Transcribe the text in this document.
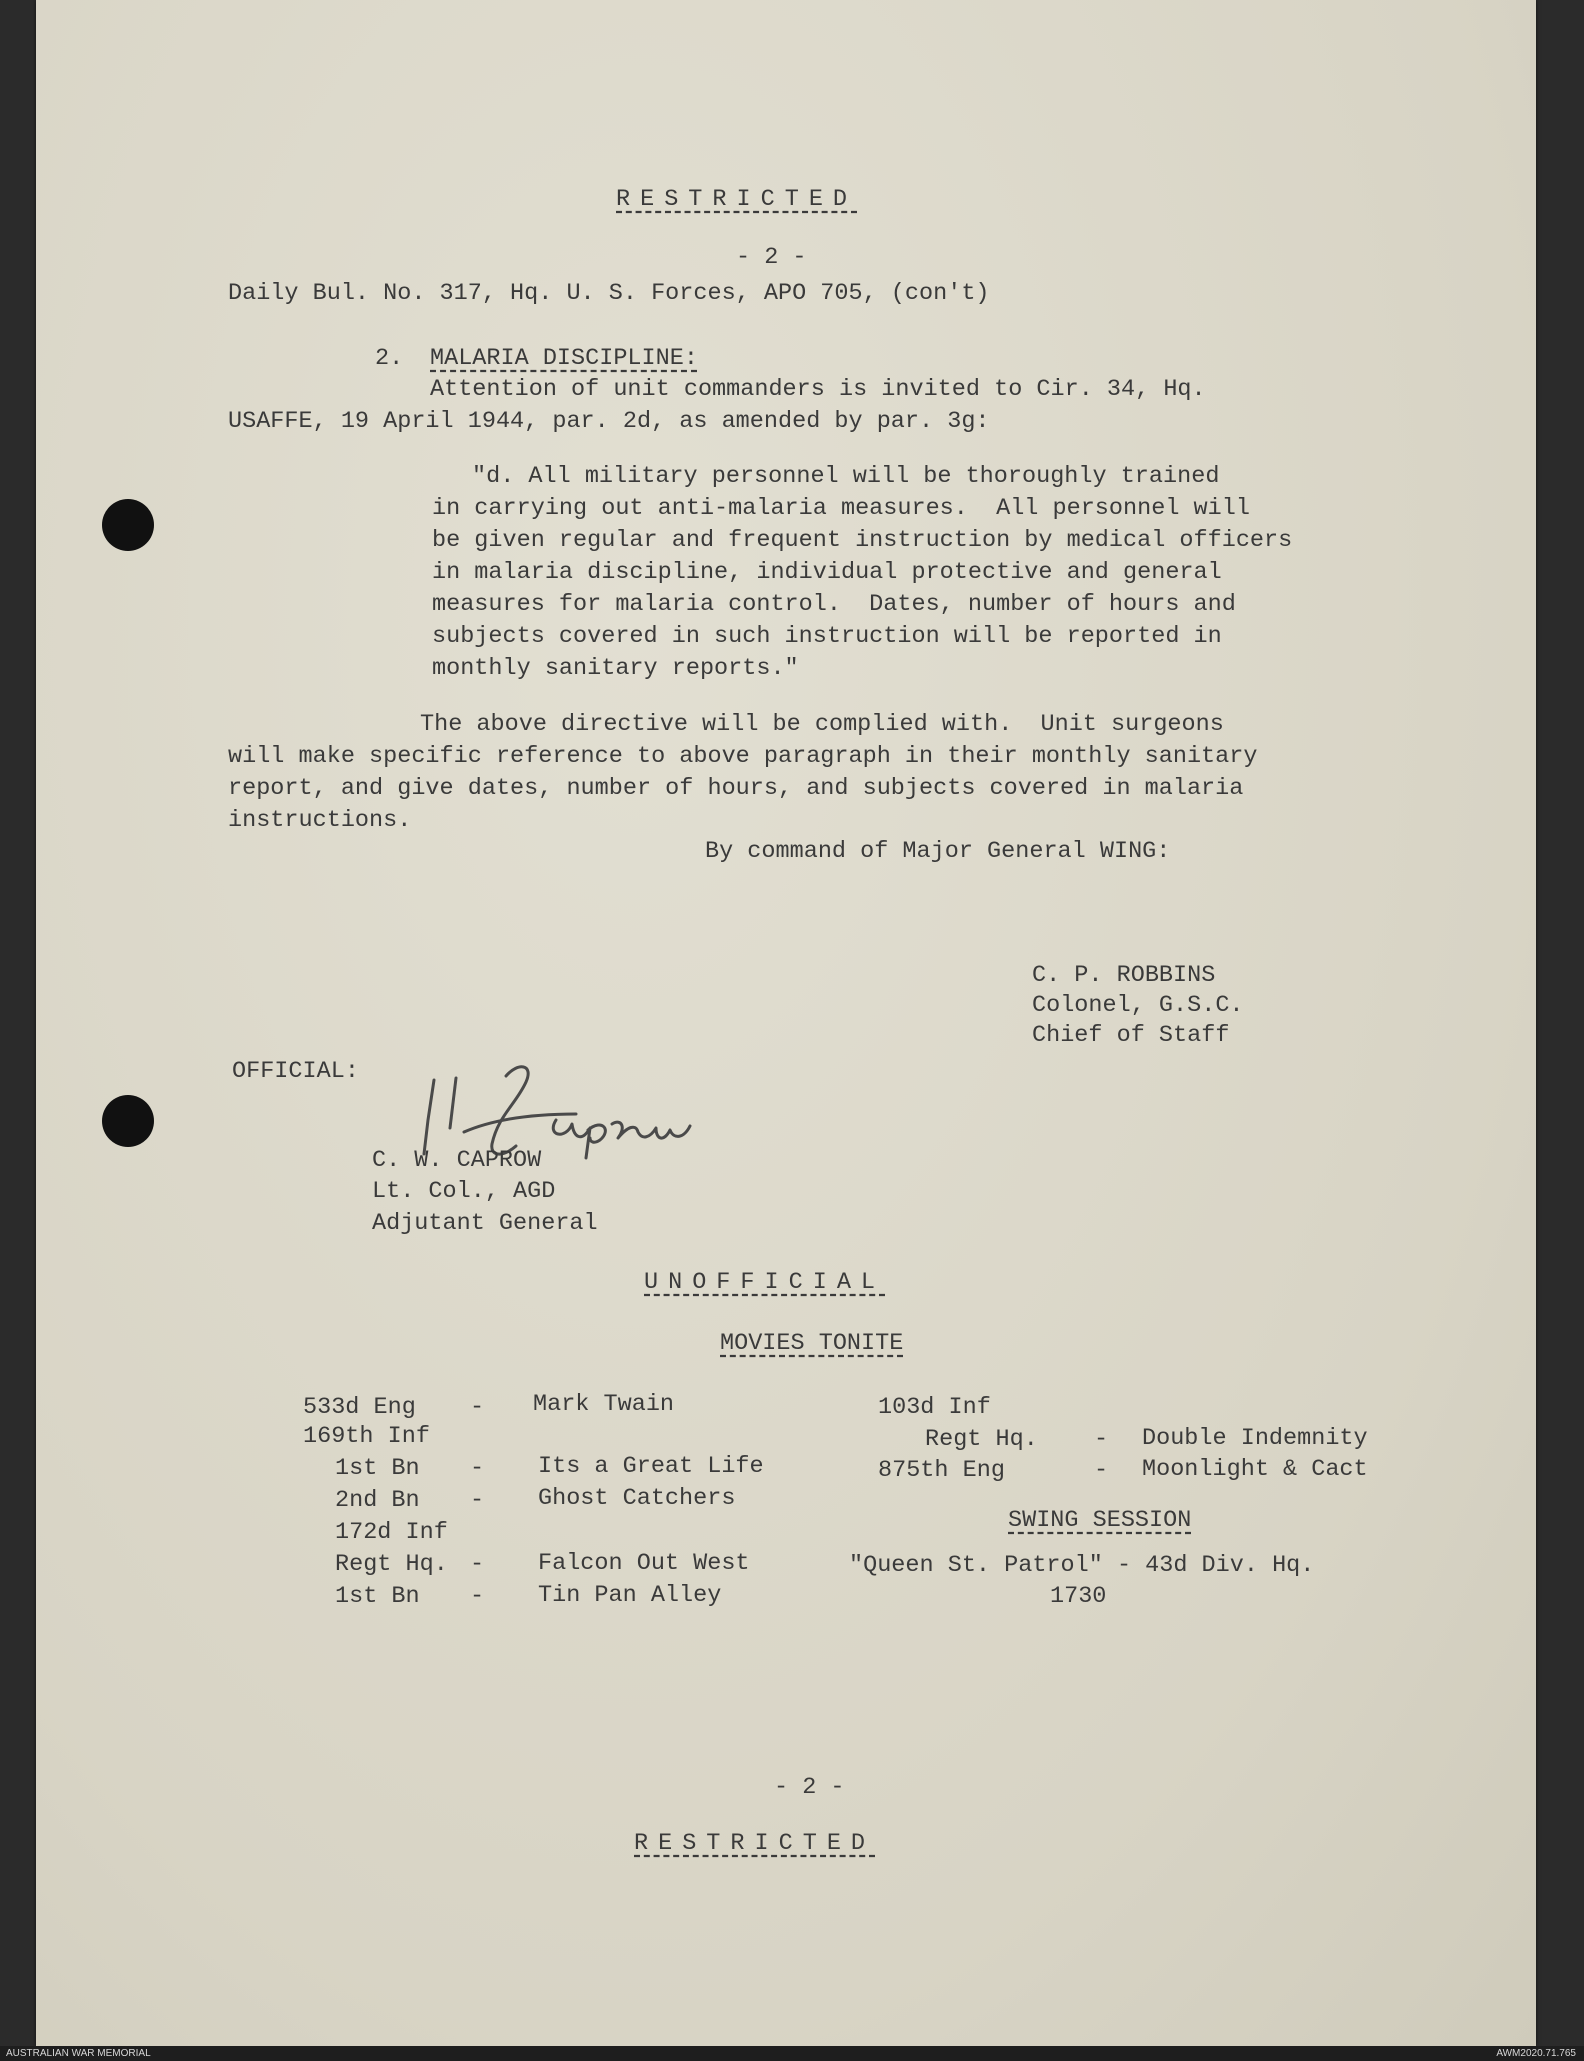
RESTRICTED
- 2 -
Daily Bul. No. 317, Hq. U. S. Forces, APO 705, (con't)
2. MALARIA DISCIPLINE:
Attention of unit commanders is invited to Cir. 34, Hq.
USAFFE, 19 April 1944, par. 2d, as amended by par. 3g:
"d. All military personnel will be thoroughly trained
in carrying out anti-malaria measures.  All personnel will
be given regular and frequent instruction by medical officers
in malaria discipline, individual protective and general
measures for malaria control.  Dates, number of hours and
subjects covered in such instruction will be reported in
monthly sanitary reports."
The above directive will be complied with.  Unit surgeons
will make specific reference to above paragraph in their monthly sanitary
report, and give dates, number of hours, and subjects covered in malaria
instructions.
By command of Major General WING:
C. P. ROBBINS
Colonel, G.S.C.
Chief of Staff
OFFICIAL:
C. W. CAPROW
Lt. Col., AGD
Adjutant General
UNOFFICIAL
MOVIES TONITE
533d Eng - Mark Twain
169th Inf
1st Bn - Its a Great Life
2nd Bn - Ghost Catchers
172d Inf
Regt Hq. - Falcon Out West
1st Bn - Tin Pan Alley
103d Inf
Regt Hq. - Double Indemnity
875th Eng	- Moonlight & Cact
SWING SESSION
"Queen St. Patrol" - 43d Div. Hq.
1730
- 2 -
RESTRICTED
AUSTRALIAN WAR MEMORIAL	AWM2020.71.765
